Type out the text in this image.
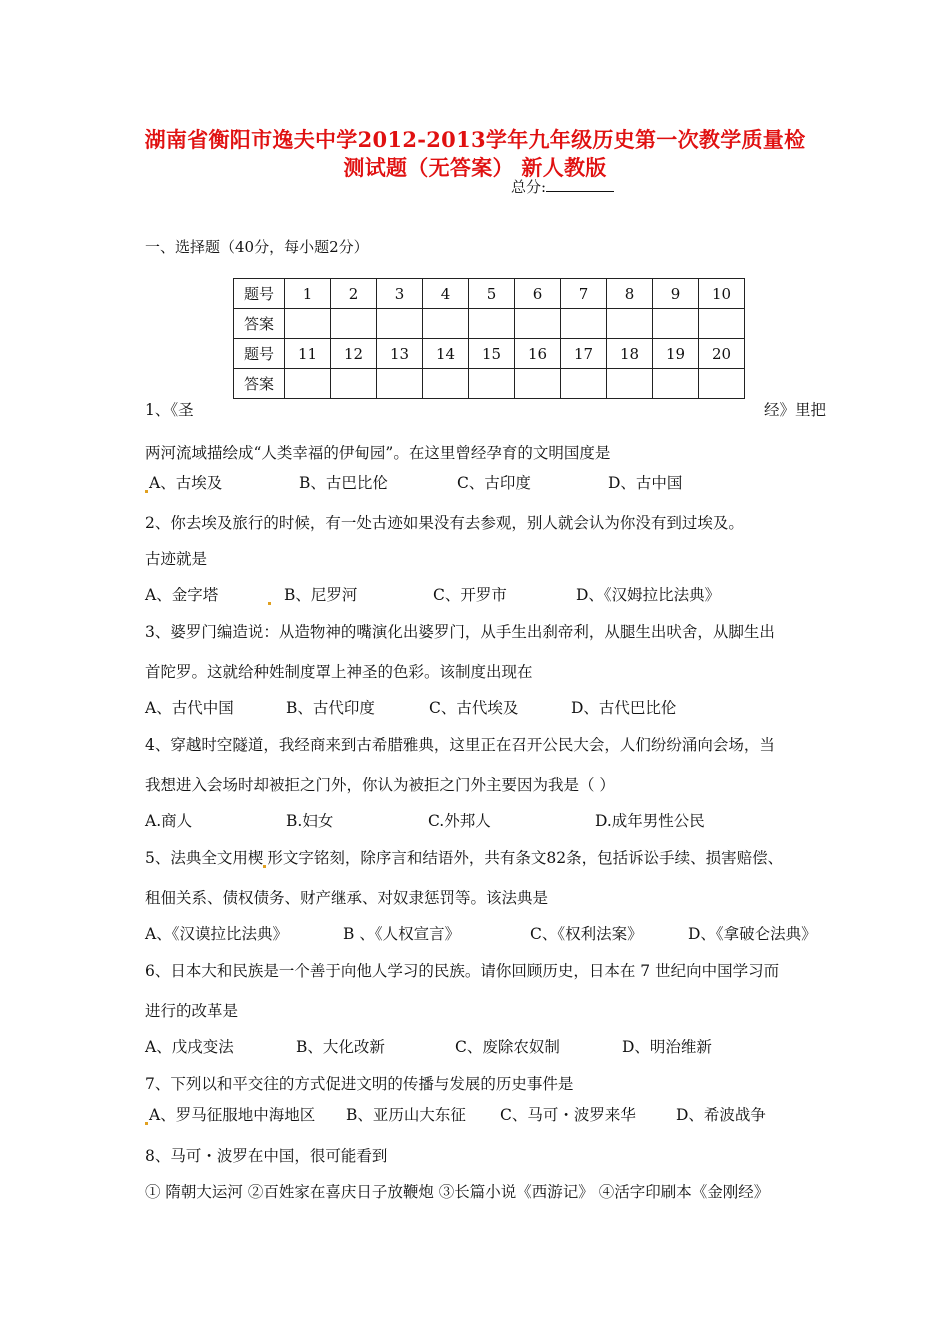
湖南省衡阳市逸夫中学2012-2013学年九年级历史第一次教学质量检
测试题（无答案） 新人教版
总分:
一、选择题（40分，每小题2分）
题号	1	2	3	4	5	6	7	8	9	10
答案										
题号	11	12	13	14	15	16	17	18	19	20
答案										
1、《圣	经》里把
两河流域描绘成“人类幸福的伊甸园”。在这里曾经孕育的文明国度是
A、古埃及	B、古巴比伦	C、古印度	D、古中国
2、你去埃及旅行的时候，有一处古迹如果没有去参观，别人就会认为你没有到过埃及。
古迹就是
A、金字塔	B、尼罗河	C、开罗市	D、《汉姆拉比法典》
3、婆罗门编造说：从造物神的嘴演化出婆罗门，从手生出刹帝利，从腿生出吠舍，从脚生出
首陀罗。这就给种姓制度罩上神圣的色彩。该制度出现在
A、古代中国	B、古代印度	C、古代埃及	D、古代巴比伦
4、穿越时空隧道，我经商来到古希腊雅典，这里正在召开公民大会，人们纷纷涌向会场，当
我想进入会场时却被拒之门外，你认为被拒之门外主要因为我是（ ）
A.商人	B.妇女	C.外邦人	D.成年男性公民
5、法典全文用楔 形文字铭刻，除序言和结语外，共有条文82条，包括诉讼手续、损害赔偿、
租佃关系、债权债务、财产继承、对奴隶惩罚等。该法典是
A、《汉谟拉比法典》	B 、《人权宣言》	C、《权利法案》	D、《拿破仑法典》
6、日本大和民族是一个善于向他人学习的民族。请你回顾历史，日本在 7 世纪向中国学习而
进行的改革是
A、戊戌变法	B、大化改新	C、废除农奴制	D、明治维新
7、下列以和平交往的方式促进文明的传播与发展的历史事件是
A、罗马征服地中海地区 B、亚历山大东征 C、马可・波罗来华	D、希波战争
8、马可・波罗在中国，很可能看到
① 隋朝大运河 ②百姓家在喜庆日子放鞭炮 ③长篇小说《西游记》 ④活字印刷本《金刚经》
